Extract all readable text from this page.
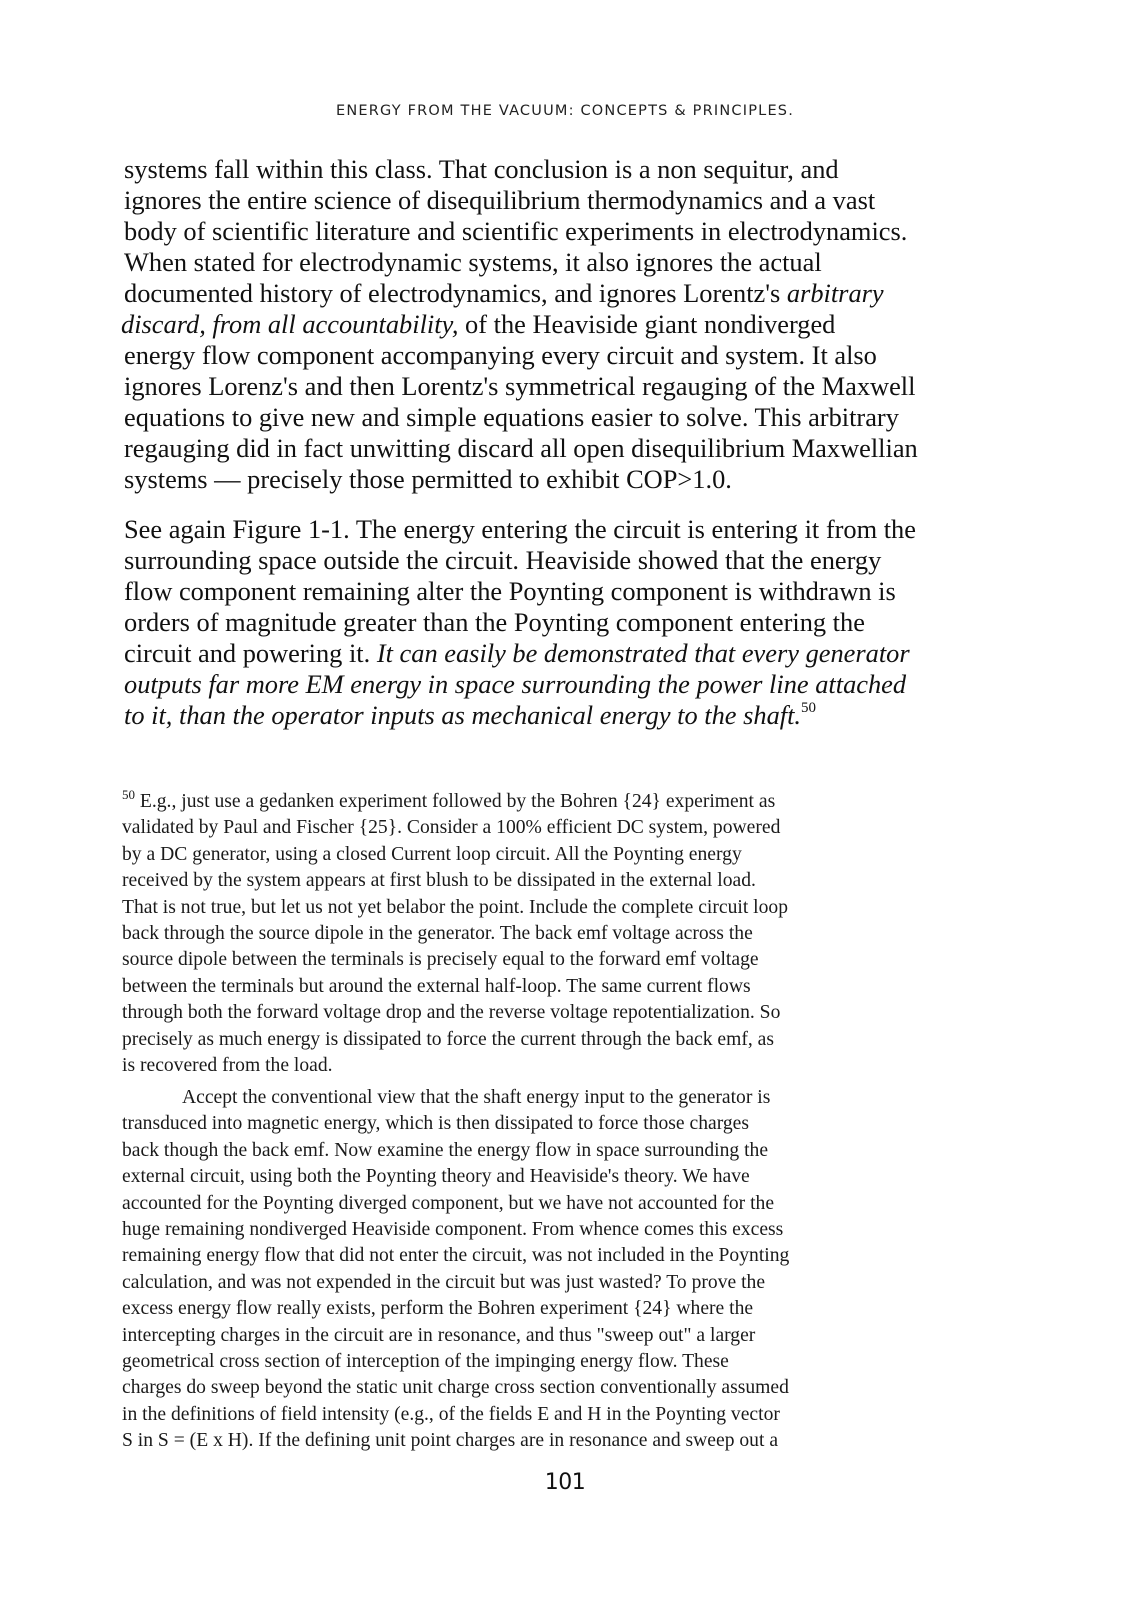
ENERGY FROM THE VACUUM: CONCEPTS & PRINCIPLES.
systems fall within this class. That conclusion is a non sequitur, and
ignores the entire science of disequilibrium thermodynamics and a vast
body of scientific literature and scientific experiments in electrodynamics.
When stated for electrodynamic systems, it also ignores the actual
documented history of electrodynamics, and ignores Lorentz's arbitrary
discard, from all accountability, of the Heaviside giant nondiverged
energy flow component accompanying every circuit and system. It also
ignores Lorenz's and then Lorentz's symmetrical regauging of the Maxwell
equations to give new and simple equations easier to solve. This arbitrary
regauging did in fact unwitting discard all open disequilibrium Maxwellian
systems — precisely those permitted to exhibit COP>1.0.
See again Figure 1-1. The energy entering the circuit is entering it from the
surrounding space outside the circuit. Heaviside showed that the energy
flow component remaining alter the Poynting component is withdrawn is
orders of magnitude greater than the Poynting component entering the
circuit and powering it. It can easily be demonstrated that every generator
outputs far more EM energy in space surrounding the power line attached
to it, than the operator inputs as mechanical energy to the shaft.$^{50}$
$^{50}$ E.g., just use a gedanken experiment followed by the Bohren {24} experiment as
validated by Paul and Fischer {25}. Consider a 100% efficient DC system, powered
by a DC generator, using a closed Current loop circuit. All the Poynting energy
received by the system appears at first blush to be dissipated in the external load.
That is not true, but let us not yet belabor the point. Include the complete circuit loop
back through the source dipole in the generator. The back emf voltage across the
source dipole between the terminals is precisely equal to the forward emf voltage
between the terminals but around the external half-loop. The same current flows
through both the forward voltage drop and the reverse voltage repotentialization. So
precisely as much energy is dissipated to force the current through the back emf, as
is recovered from the load.
Accept the conventional view that the shaft energy input to the generator is
transduced into magnetic energy, which is then dissipated to force those charges
back though the back emf. Now examine the energy flow in space surrounding the
external circuit, using both the Poynting theory and Heaviside's theory. We have
accounted for the Poynting diverged component, but we have not accounted for the
huge remaining nondiverged Heaviside component. From whence comes this excess
remaining energy flow that did not enter the circuit, was not included in the Poynting
calculation, and was not expended in the circuit but was just wasted? To prove the
excess energy flow really exists, perform the Bohren experiment {24} where the
intercepting charges in the circuit are in resonance, and thus "sweep out" a larger
geometrical cross section of interception of the impinging energy flow. These
charges do sweep beyond the static unit charge cross section conventionally assumed
in the definitions of field intensity (e.g., of the fields E and H in the Poynting vector
S in S = (E x H). If the defining unit point charges are in resonance and sweep out a
101
